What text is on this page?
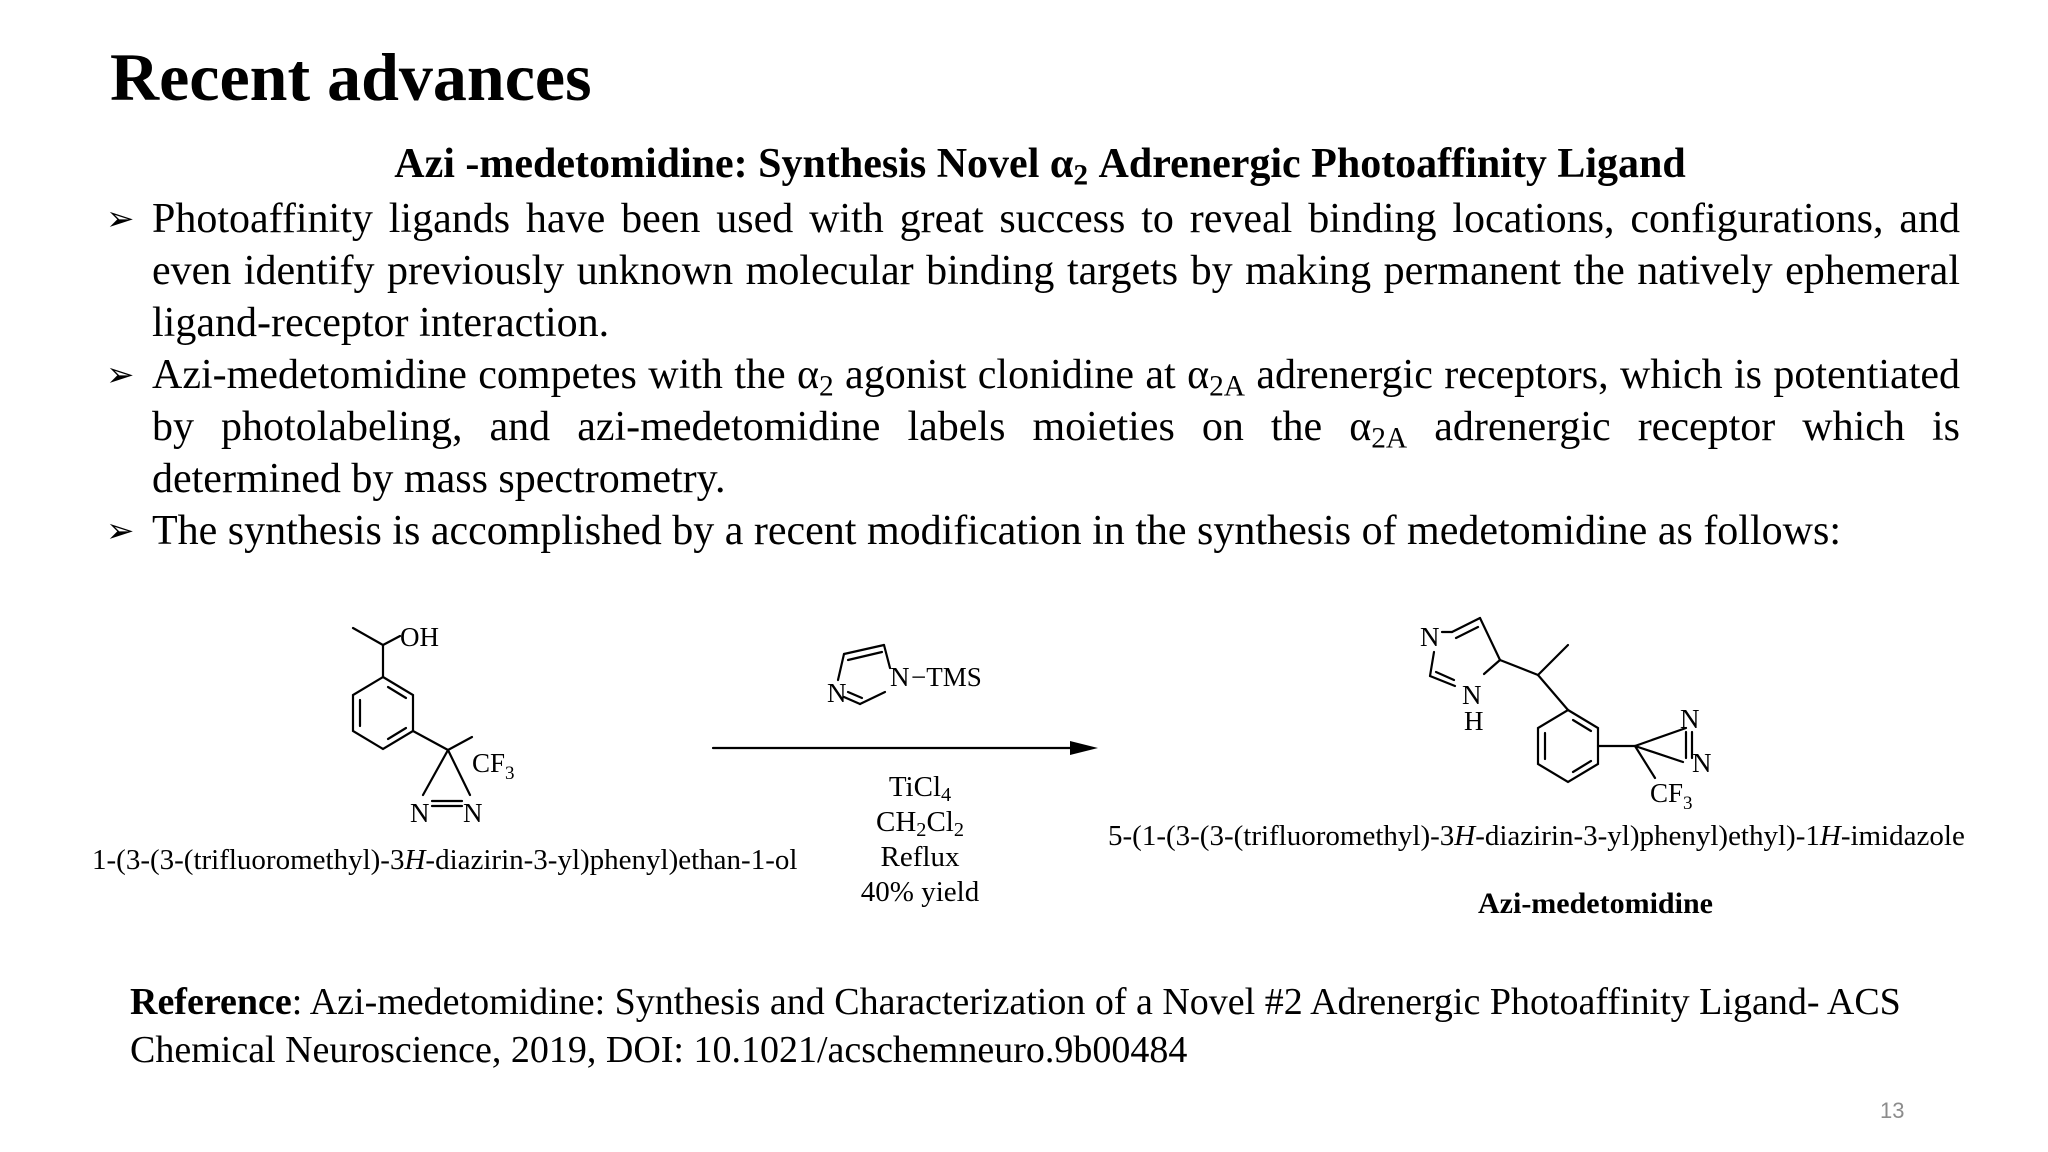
Recent advances
Azi -medetomidine: Synthesis Novel $\alpha_2$ Adrenergic Photoaffinity Ligand
➢ Photoaffinity ligands have been used with great success to reveal binding locations, configurations, and even identify previously unknown molecular binding targets by making permanent the natively ephemeral ligand-receptor interaction.
➢ Azi-medetomidine competes with the $\alpha_2$ agonist clonidine at $\alpha_{2A}$ adrenergic receptors, which is potentiated by photolabeling, and azi-medetomidine labels moieties on the $\alpha_{2A}$ adrenergic receptor which is determined by mass spectrometry.
➢ The synthesis is accomplished by a recent modification in the synthesis of medetomidine as follows:
OH
$CF_3$
N N
N
N −TMS
N
N
H	N
N
$CF_3$
1-(3-(3-(trifluoromethyl)-3H-diazirin-3-yl)phenyl)ethan-1-ol
TiCl$_4$
$CH_2Cl_2$
Reflux
40% yield
5-(1-(3-(3-(trifluoromethyl)-3H-diazirin-3-yl)phenyl)ethyl)-1H-imidazole
Azi-medetomidine
Reference: Azi-medetomidine: Synthesis and Characterization of a Novel #2 Adrenergic Photoaffinity Ligand- ACS Chemical Neuroscience, 2019, DOI: 10.1021/acschemneuro.9b00484
13
